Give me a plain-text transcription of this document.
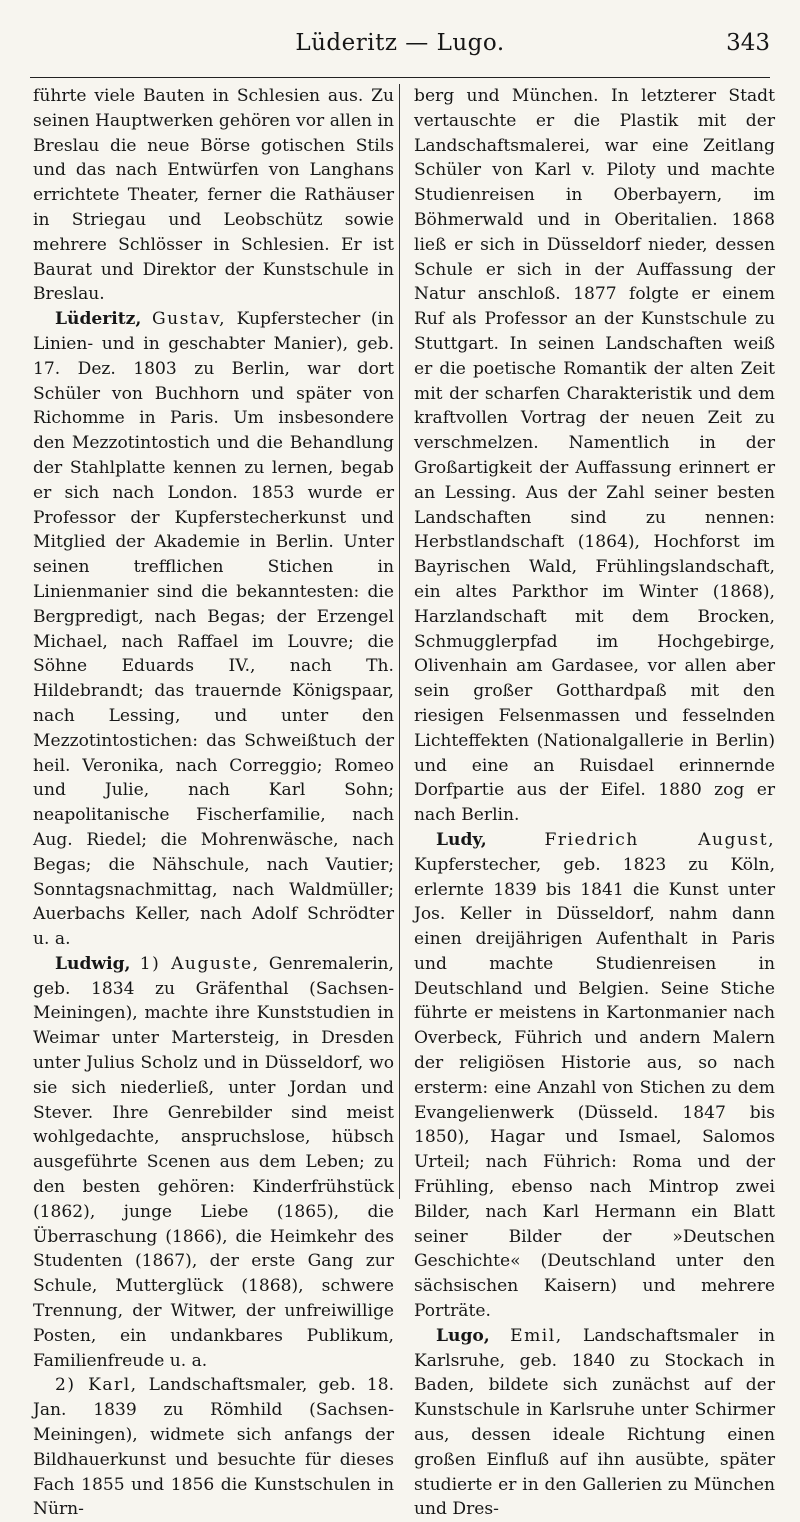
Lüderitz — Lugo.	343

führte viele Bauten in Schlesien aus. Zu seinen Hauptwerken gehören vor allen in Breslau die neue Börse gotischen Stils und das nach Entwürfen von Langhans errichtete Theater, ferner die Rathäuser in Striegau und Leobschütz sowie mehrere Schlösser in Schlesien. Er ist Baurat und Direktor der Kunstschule in Breslau.

Lüderitz, Gustav, Kupferstecher (in Linien- und in geschabter Manier), geb. 17. Dez. 1803 zu Berlin, war dort Schüler von Buchhorn und später von Richomme in Paris. Um insbesondere den Mezzotintostich und die Behandlung der Stahlplatte kennen zu lernen, begab er sich nach London. 1853 wurde er Professor der Kupferstecherkunst und Mitglied der Akademie in Berlin. Unter seinen trefflichen Stichen in Linienmanier sind die bekanntesten: die Bergpredigt, nach Begas; der Erzengel Michael, nach Raffael im Louvre; die Söhne Eduards IV., nach Th. Hildebrandt; das trauernde Königspaar, nach Lessing, und unter den Mezzotintostichen: das Schweißtuch der heil. Veronika, nach Correggio; Romeo und Julie, nach Karl Sohn; neapolitanische Fischerfamilie, nach Aug. Riedel; die Mohrenwäsche, nach Begas; die Nähschule, nach Vautier; Sonntagsnachmittag, nach Waldmüller; Auerbachs Keller, nach Adolf Schrödter u. a.

Ludwig, 1) Auguste, Genremalerin, geb. 1834 zu Gräfenthal (Sachsen-Meiningen), machte ihre Kunststudien in Weimar unter Martersteig, in Dresden unter Julius Scholz und in Düsseldorf, wo sie sich niederließ, unter Jordan und Stever. Ihre Genrebilder sind meist wohlgedachte, anspruchslose, hübsch ausgeführte Scenen aus dem Leben; zu den besten gehören: Kinderfrühstück (1862), junge Liebe (1865), die Überraschung (1866), die Heimkehr des Studenten (1867), der erste Gang zur Schule, Mutterglück (1868), schwere Trennung, der Witwer, der unfreiwillige Posten, ein undankbares Publikum, Familienfreude u. a.

2) Karl, Landschaftsmaler, geb. 18. Jan. 1839 zu Römhild (Sachsen-Meiningen), widmete sich anfangs der Bildhauerkunst und besuchte für dieses Fach 1855 und 1856 die Kunstschulen in Nürn-

berg und München. In letzterer Stadt vertauschte er die Plastik mit der Landschaftsmalerei, war eine Zeitlang Schüler von Karl v. Piloty und machte Studienreisen in Oberbayern, im Böhmerwald und in Oberitalien. 1868 ließ er sich in Düsseldorf nieder, dessen Schule er sich in der Auffassung der Natur anschloß. 1877 folgte er einem Ruf als Professor an der Kunstschule zu Stuttgart. In seinen Landschaften weiß er die poetische Romantik der alten Zeit mit der scharfen Charakteristik und dem kraftvollen Vortrag der neuen Zeit zu verschmelzen. Namentlich in der Großartigkeit der Auffassung erinnert er an Lessing. Aus der Zahl seiner besten Landschaften sind zu nennen: Herbstlandschaft (1864), Hochforst im Bayrischen Wald, Frühlingslandschaft, ein altes Parkthor im Winter (1868), Harzlandschaft mit dem Brocken, Schmugglerpfad im Hochgebirge, Olivenhain am Gardasee, vor allen aber sein großer Gotthardpaß mit den riesigen Felsenmassen und fesselnden Lichteffekten (Nationalgallerie in Berlin) und eine an Ruisdael erinnernde Dorfpartie aus der Eifel. 1880 zog er nach Berlin.

Ludy,	Friedrich August, Kupferstecher, geb. 1823 zu Köln, erlernte 1839 bis 1841 die Kunst unter Jos. Keller in Düsseldorf, nahm dann einen dreijährigen Aufenthalt in Paris und machte Studienreisen in Deutschland und Belgien. Seine Stiche führte er meistens in Kartonmanier nach Overbeck, Führich und andern Malern der religiösen Historie aus, so nach ersterm: eine Anzahl von Stichen zu dem Evangelienwerk (Düsseld. 1847 bis 1850), Hagar und Ismael, Salomos Urteil; nach Führich: Roma und der Frühling, ebenso nach Mintrop zwei Bilder, nach Karl Hermann ein Blatt seiner Bilder der »Deutschen Geschichte« (Deutschland unter den sächsischen Kaisern) und mehrere Porträte.

Lugo, Emil, Landschaftsmaler in Karlsruhe, geb. 1840 zu Stockach in Baden, bildete sich zunächst auf der Kunstschule in Karlsruhe unter Schirmer aus, dessen ideale Richtung einen großen Einfluß auf ihn ausübte, später studierte er in den Gallerien zu München und Dres-
